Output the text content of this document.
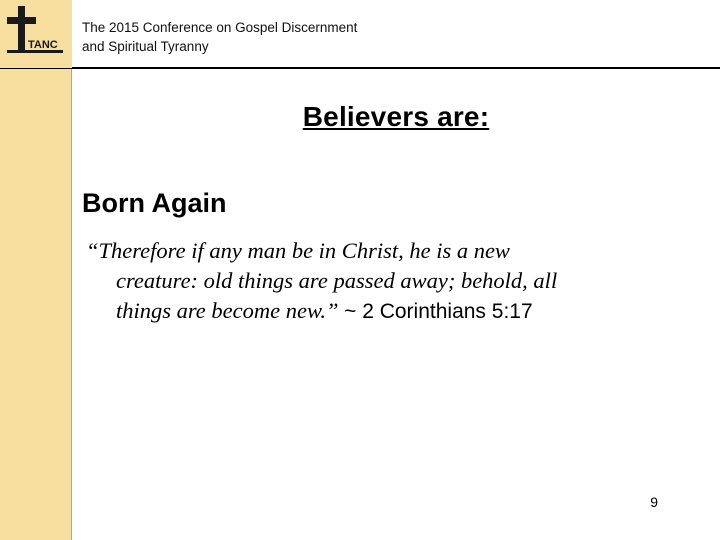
The 2015 Conference on Gospel Discernment
and Spiritual Tyranny
TANC
Believers are:
Born Again
“Therefore if any man be in Christ, he is a new

creature: old things are passed away; behold, all
things are become new.” ~ 2 Corinthians 5:17
9
